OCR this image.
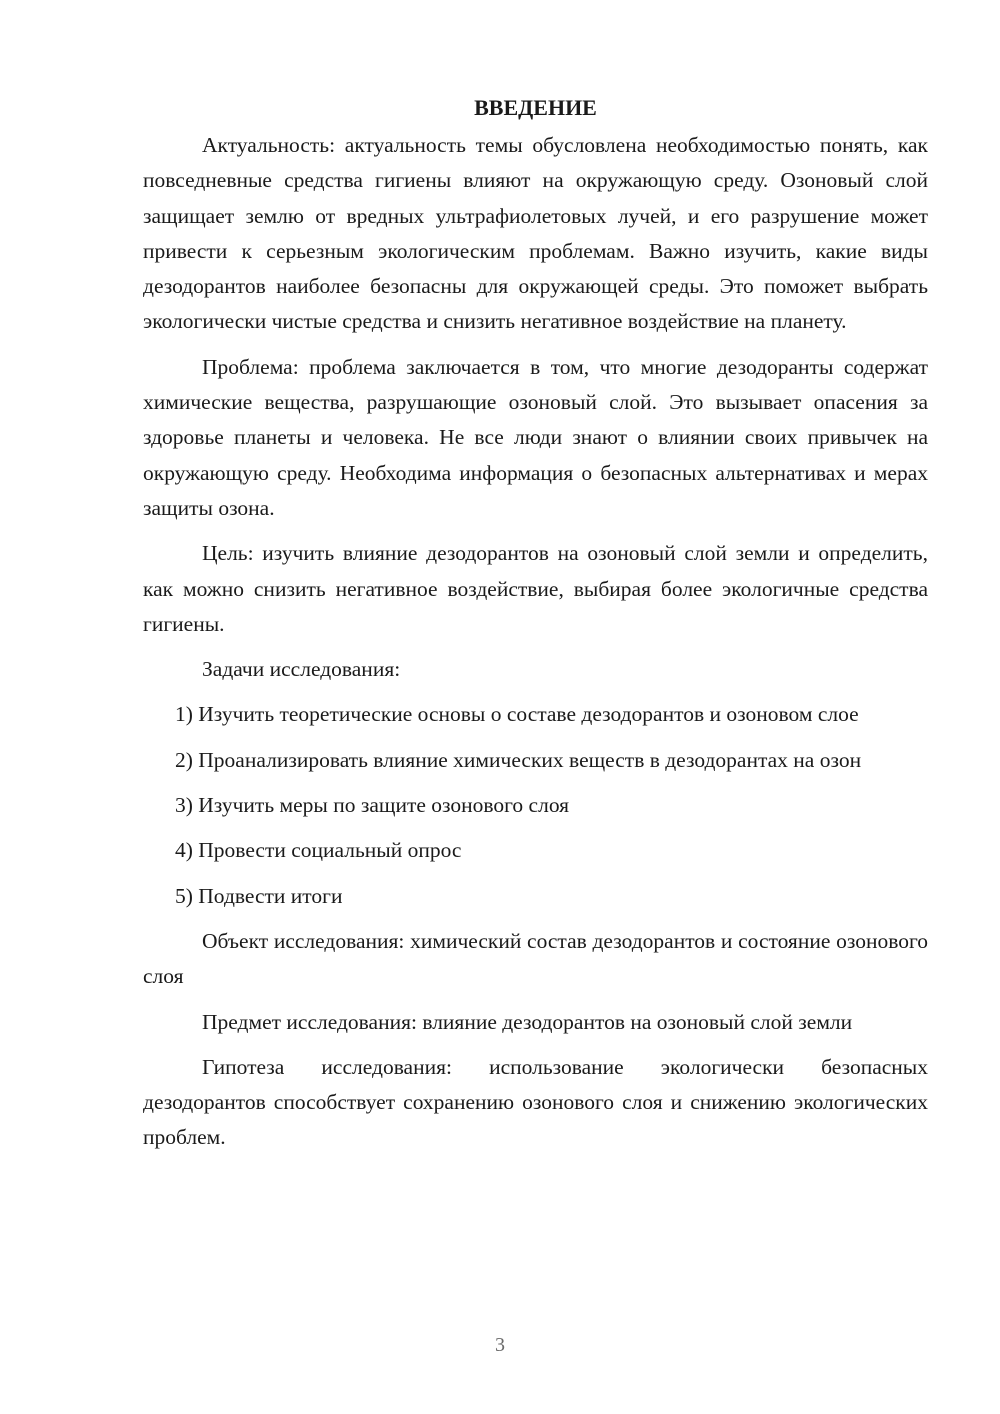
ВВЕДЕНИЕ

Актуальность: актуальность темы обусловлена необходимостью понять, как повседневные средства гигиены влияют на окружающую среду. Озоновый слой защищает землю от вредных ультрафиолетовых лучей, и его разрушение может привести к серьезным экологическим проблемам. Важно изучить, какие виды дезодорантов наиболее безопасны для окружающей среды. Это поможет выбрать экологически чистые средства и снизить негативное воздействие на планету.

Проблема: проблема заключается в том, что многие дезодоранты содержат химические вещества, разрушающие озоновый слой. Это вызывает опасения за здоровье планеты и человека. Не все люди знают о влиянии своих привычек на окружающую среду. Необходима информация о безопасных альтернативах и мерах защиты озона.

Цель: изучить влияние дезодорантов на озоновый слой земли и определить, как можно снизить негативное воздействие, выбирая более экологичные средства гигиены.

Задачи исследования:

1) Изучить теоретические основы о составе дезодорантов и озоновом слое

2) Проанализировать влияние химических веществ в дезодорантах на озон

3) Изучить меры по защите озонового слоя

4) Провести социальный опрос

5) Подвести итоги

Объект исследования: химический состав дезодорантов и состояние озонового слоя

Предмет исследования: влияние дезодорантов на озоновый слой земли

Гипотеза исследования: использование экологически безопасных дезодорантов способствует сохранению озонового слоя и снижению экологических проблем.

3
